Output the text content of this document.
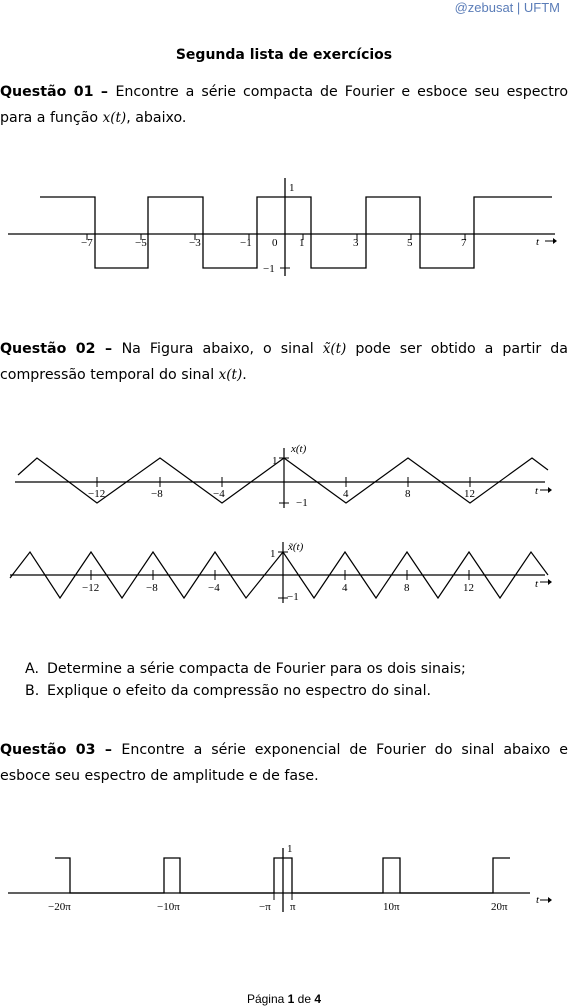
@zebusat | UFTM
Segunda lista de exercícios
Questão 01 – Encontre a série compacta de Fourier e esboce seu espectro para a função x(t), abaixo.
−7	−5	−3	−1 0 1	3	5	7
1
−1
t
Questão 02 – Na Figura abaixo, o sinal x̃(t) pode ser obtido a partir da compressão temporal do sinal x(t).
x(t)
1
−1
−12	−8	−4	4	8	12	t
x̃(t)
1
−1
−12	−8	−4	4	8	12	t
A. Determine a série compacta de Fourier para os dois sinais;
B. Explique o efeito da compressão no espectro do sinal.
Questão 03 – Encontre a série exponencial de Fourier do sinal abaixo e esboce seu espectro de amplitude e de fase.
1
−20π	−10π	−π π	10π	20π
t
Página 1 de 4
